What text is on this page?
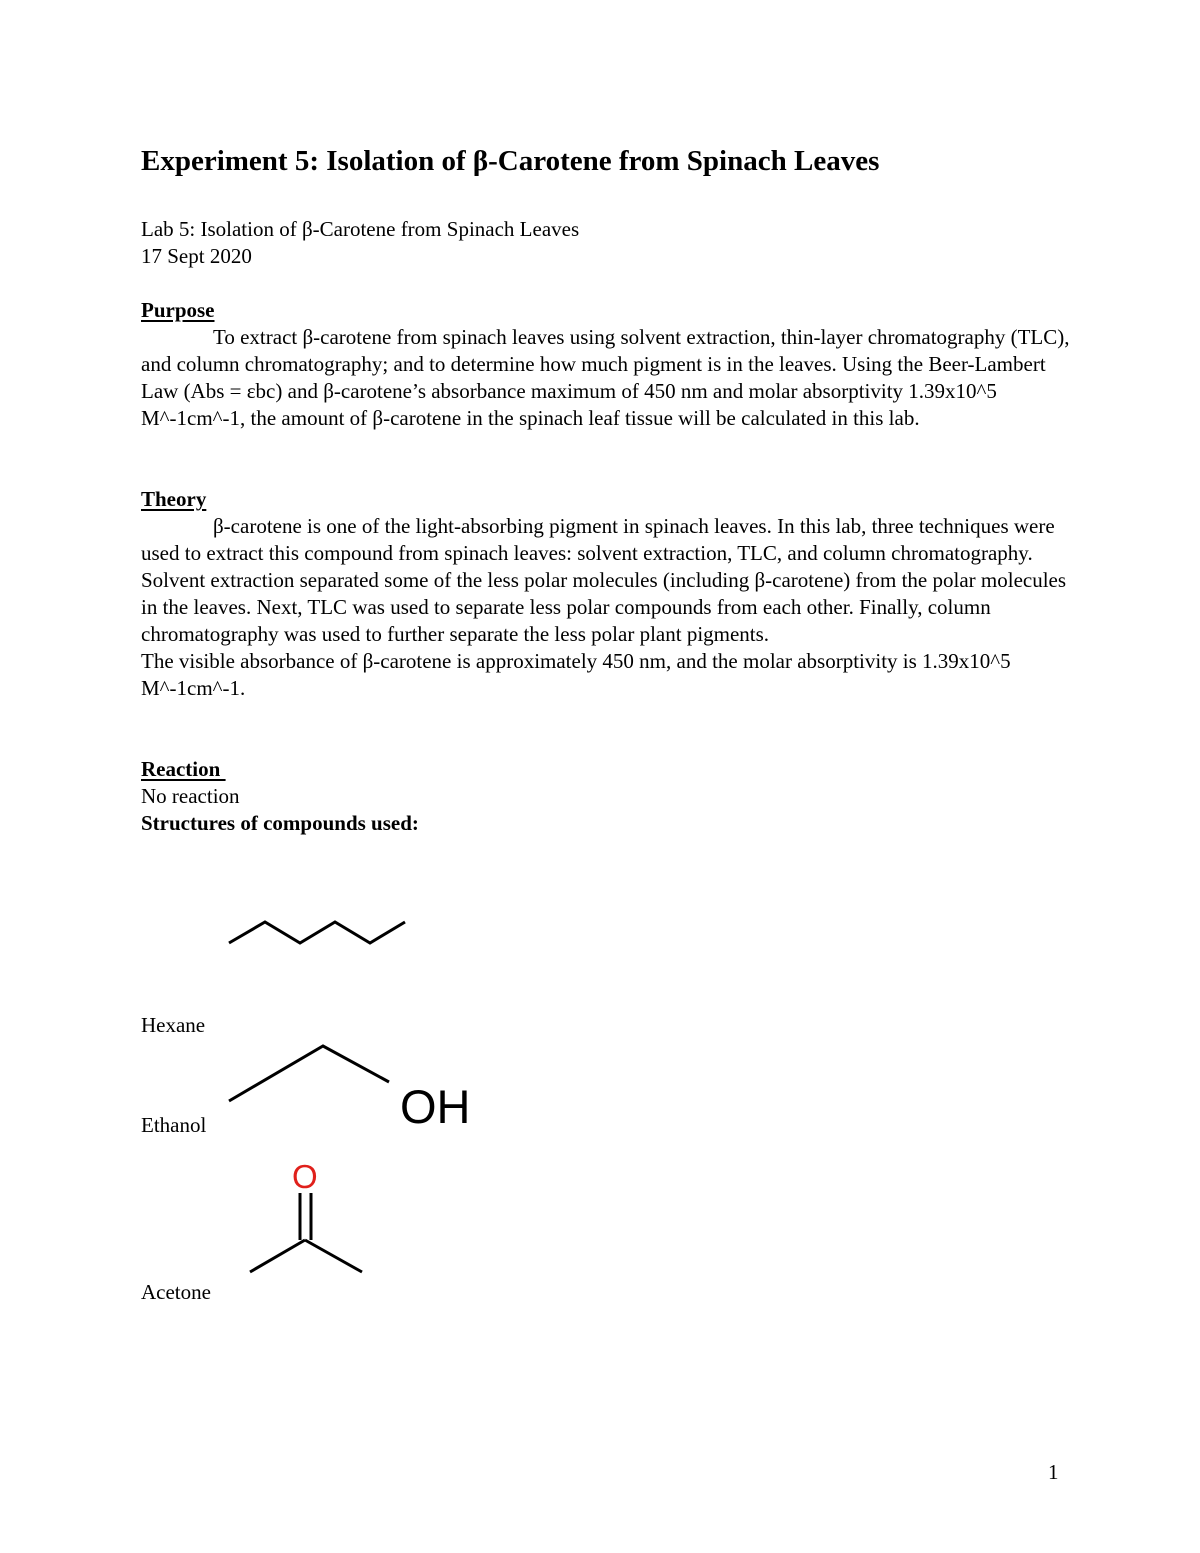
Experiment 5: Isolation of β-Carotene from Spinach Leaves
Lab 5: Isolation of β-Carotene from Spinach Leaves
17 Sept 2020
Purpose

To extract β-carotene from spinach leaves using solvent extraction, thin-layer chromatography (TLC), and column chromatography; and to determine how much pigment is in the leaves. Using the Beer-Lambert Law (Abs = εbc) and β-carotene’s absorbance maximum of 450 nm and molar absorptivity 1.39x10^5 M^-1cm^-1, the amount of β-carotene in the spinach leaf tissue will be calculated in this lab.

Theory

β-carotene is one of the light-absorbing pigment in spinach leaves. In this lab, three techniques were used to extract this compound from spinach leaves: solvent extraction, TLC, and column chromatography. Solvent extraction separated some of the less polar molecules (including β-carotene) from the polar molecules in the leaves. Next, TLC was used to separate less polar compounds from each other. Finally, column chromatography was used to further separate the less polar plant pigments.

The visible absorbance of β-carotene is approximately 450 nm, and the molar absorptivity is 1.39x10^5 M^-1cm^-1.

Reaction
No reaction
Structures of compounds used:
OH
O
Hexane
Ethanol
Acetone
1
